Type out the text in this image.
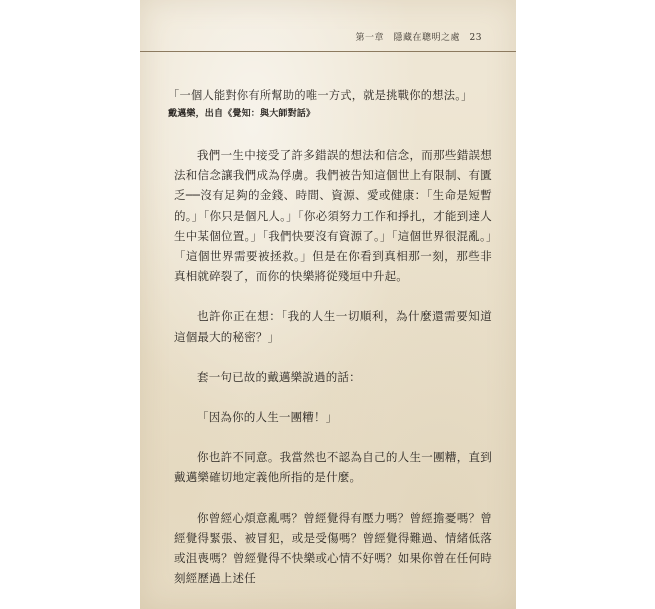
第一章　隱藏在聰明之處　 23
「一個人能對你有所幫助的唯一方式，就是挑戰你的想法。」
戴邁樂，出自《覺知：與大師對話》

我們一生中接受了許多錯誤的想法和信念，而那些錯誤想法和信念讓我們成為俘虜。我們被告知這個世上有限制、有匱乏──沒有足夠的金錢、時間、資源、愛或健康：「生命是短暫的。」「你只是個凡人。」「你必須努力工作和掙扎，才能到達人生中某個位置。」「我們快要沒有資源了。」「這個世界很混亂。」「這個世界需要被拯救。」但是在你看到真相那一刻，那些非真相就碎裂了，而你的快樂將從殘垣中升起。

也許你正在想：「我的人生一切順利，為什麼還需要知道這個最大的秘密？」

套一句已故的戴邁樂說過的話：

「因為你的人生一團糟！」

你也許不同意。我當然也不認為自己的人生一團糟，直到戴邁樂確切地定義他所指的是什麼。

你曾經心煩意亂嗎？曾經覺得有壓力嗎？曾經擔憂嗎？曾經覺得緊張、被冒犯，或是受傷嗎？曾經覺得難過、情緒低落或沮喪嗎？曾經覺得不快樂或心情不好嗎？如果你曾在任何時刻經歷過上述任
